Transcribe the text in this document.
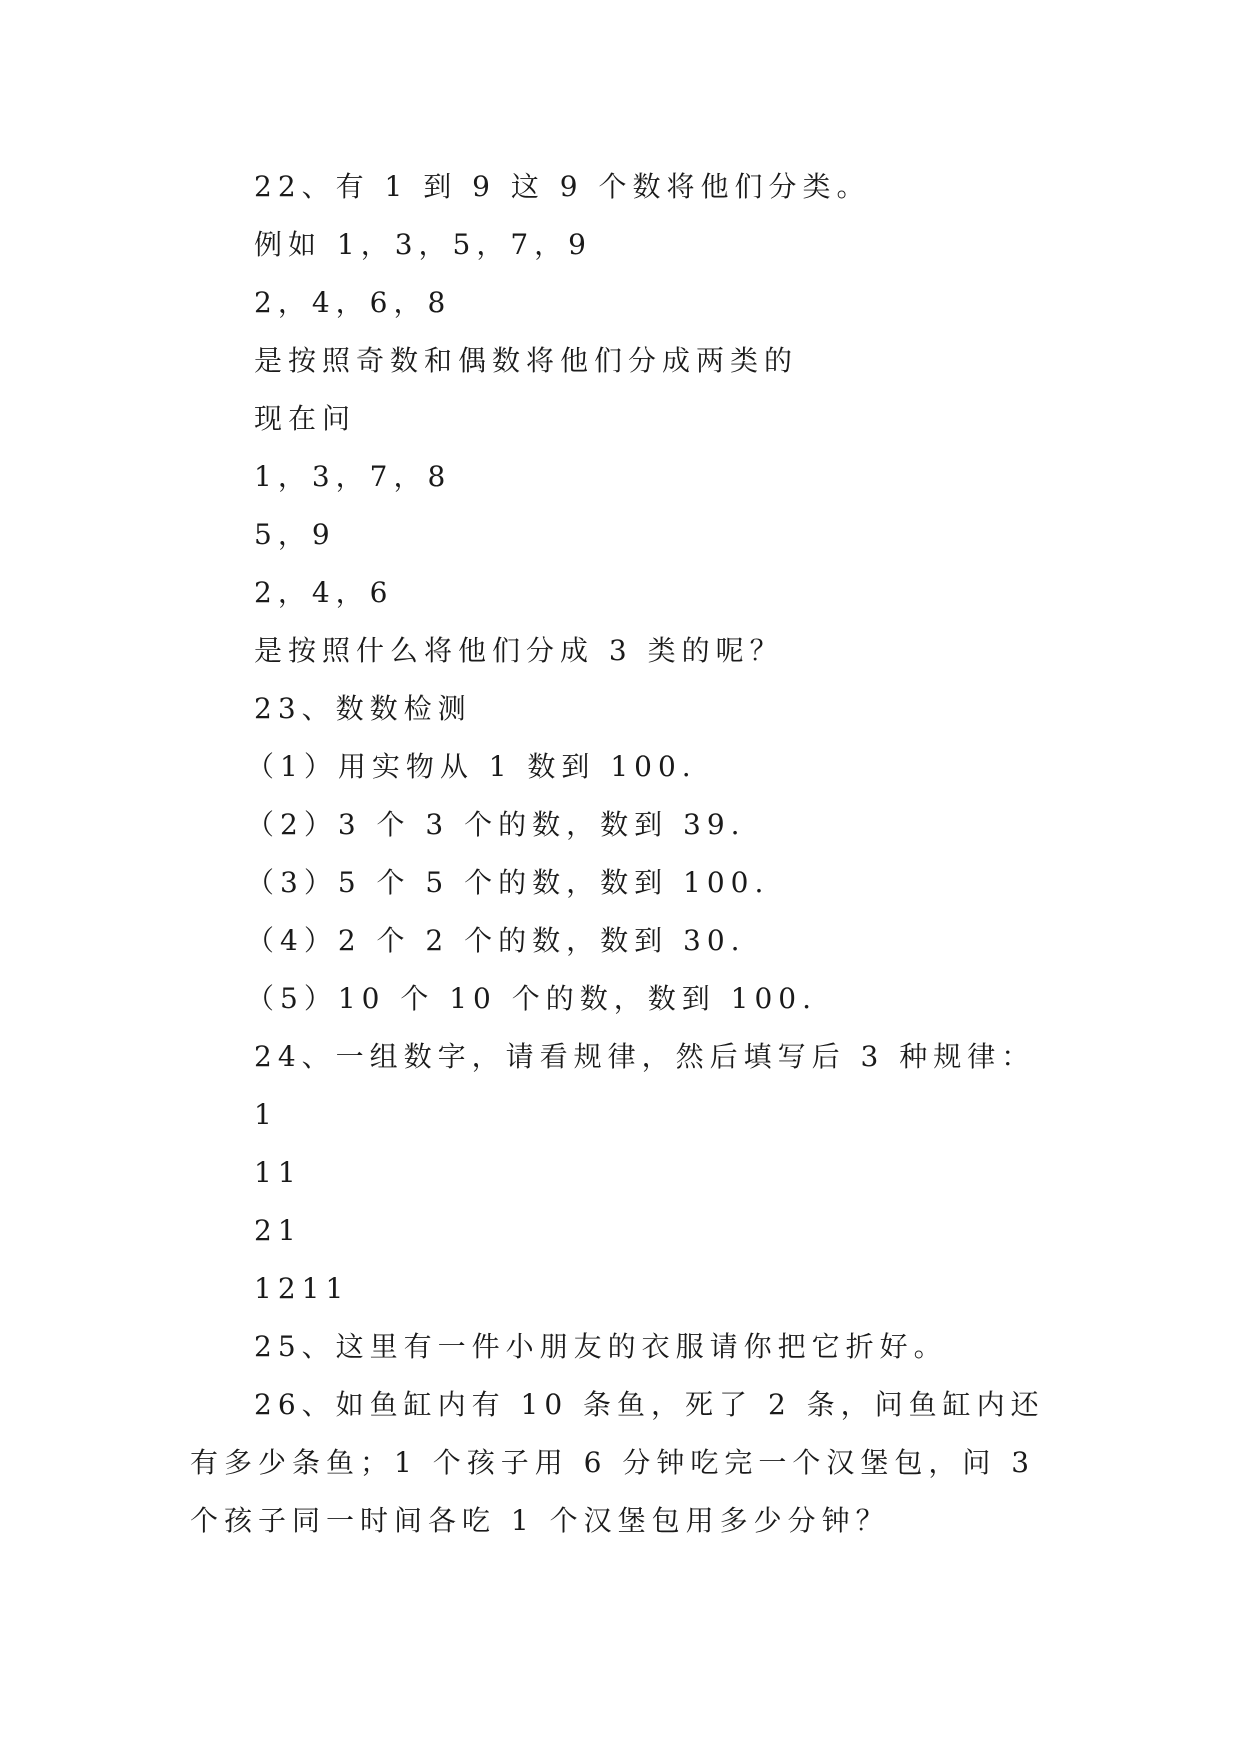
22、有 1 到 9 这 9 个数将他们分类。
例如 1，3，5，7，9
2，4，6，8
是按照奇数和偶数将他们分成两类的
现在问
1，3，7，8
5，9
2，4，6
是按照什么将他们分成 3 类的呢？
23、数数检测
（1）用实物从 1 数到 100.
（2）3 个 3 个的数，数到 39.
（3）5 个 5 个的数，数到 100.
（4）2 个 2 个的数，数到 30.
（5）10 个 10 个的数，数到 100.
24、一组数字，请看规律，然后填写后 3 种规律：
1
11
21
1211
25、这里有一件小朋友的衣服请你把它折好。
26、如鱼缸内有 10 条鱼，死了 2 条，问鱼缸内还有多少条鱼；1 个孩子用 6 分钟吃完一个汉堡包，问 3 个孩子同一时间各吃 1 个汉堡包用多少分钟？
